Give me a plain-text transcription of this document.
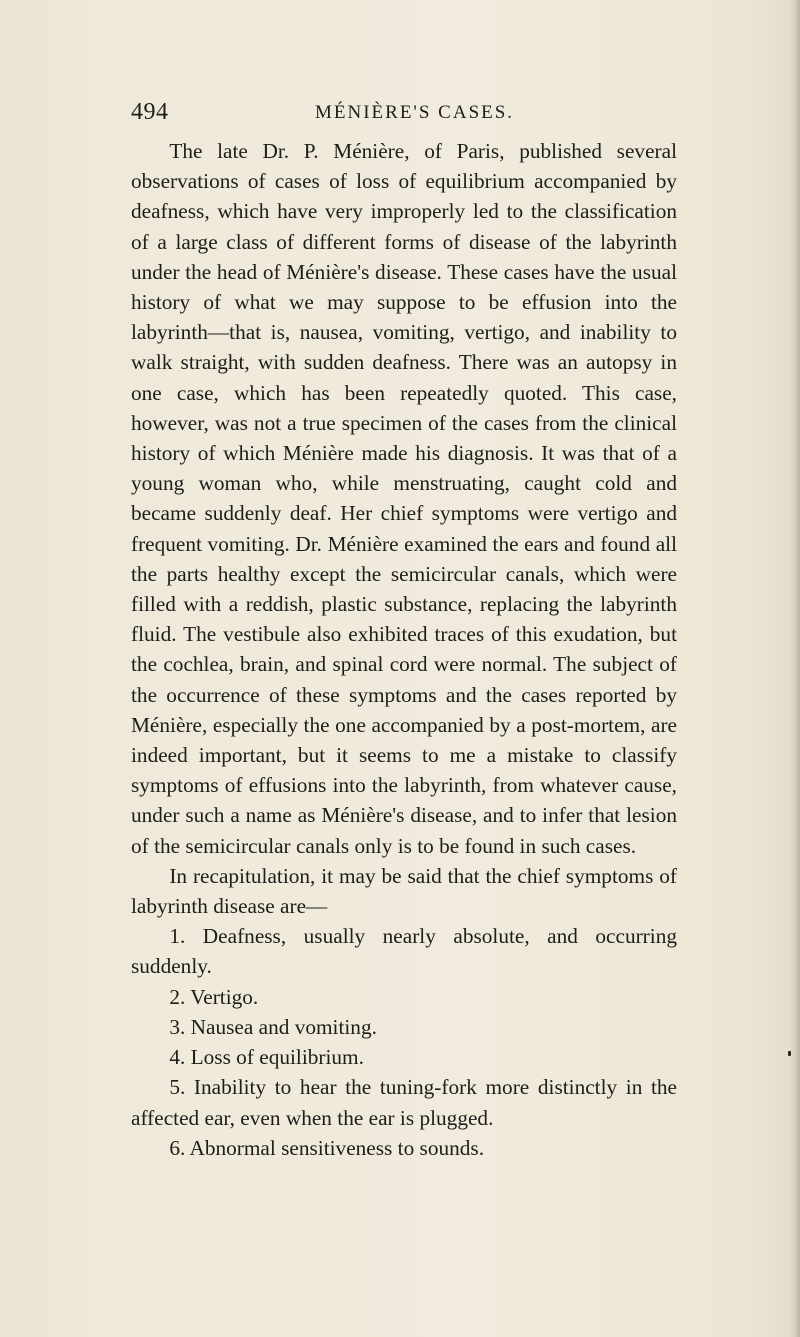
494	MÉNIÈRE'S CASES.

The late Dr. P. Ménière, of Paris, published several observations of cases of loss of equilibrium accompanied by deafness, which have very improperly led to the classification of a large class of different forms of disease of the labyrinth under the head of Ménière's disease. These cases have the usual history of what we may suppose to be effusion into the labyrinth—that is, nausea, vomiting, vertigo, and inability to walk straight, with sudden deafness. There was an autopsy in one case, which has been repeatedly quoted. This case, however, was not a true specimen of the cases from the clinical history of which Ménière made his diagnosis. It was that of a young woman who, while menstruating, caught cold and became suddenly deaf. Her chief symptoms were vertigo and frequent vomiting. Dr. Ménière examined the ears and found all the parts healthy except the semicircular canals, which were filled with a reddish, plastic substance, replacing the labyrinth fluid. The vestibule also exhibited traces of this exudation, but the cochlea, brain, and spinal cord were normal. The subject of the occurrence of these symptoms and the cases reported by Ménière, especially the one accompanied by a post-mortem, are indeed important, but it seems to me a mistake to classify symptoms of effusions into the labyrinth, from whatever cause, under such a name as Ménière's disease, and to infer that lesion of the semicircular canals only is to be found in such cases.

In recapitulation, it may be said that the chief symptoms of labyrinth disease are—

1. Deafness, usually nearly absolute, and occurring suddenly.
2. Vertigo.
3. Nausea and vomiting.
4. Loss of equilibrium.
5. Inability to hear the tuning-fork more distinctly in the affected ear, even when the ear is plugged.
6. Abnormal sensitiveness to sounds.
